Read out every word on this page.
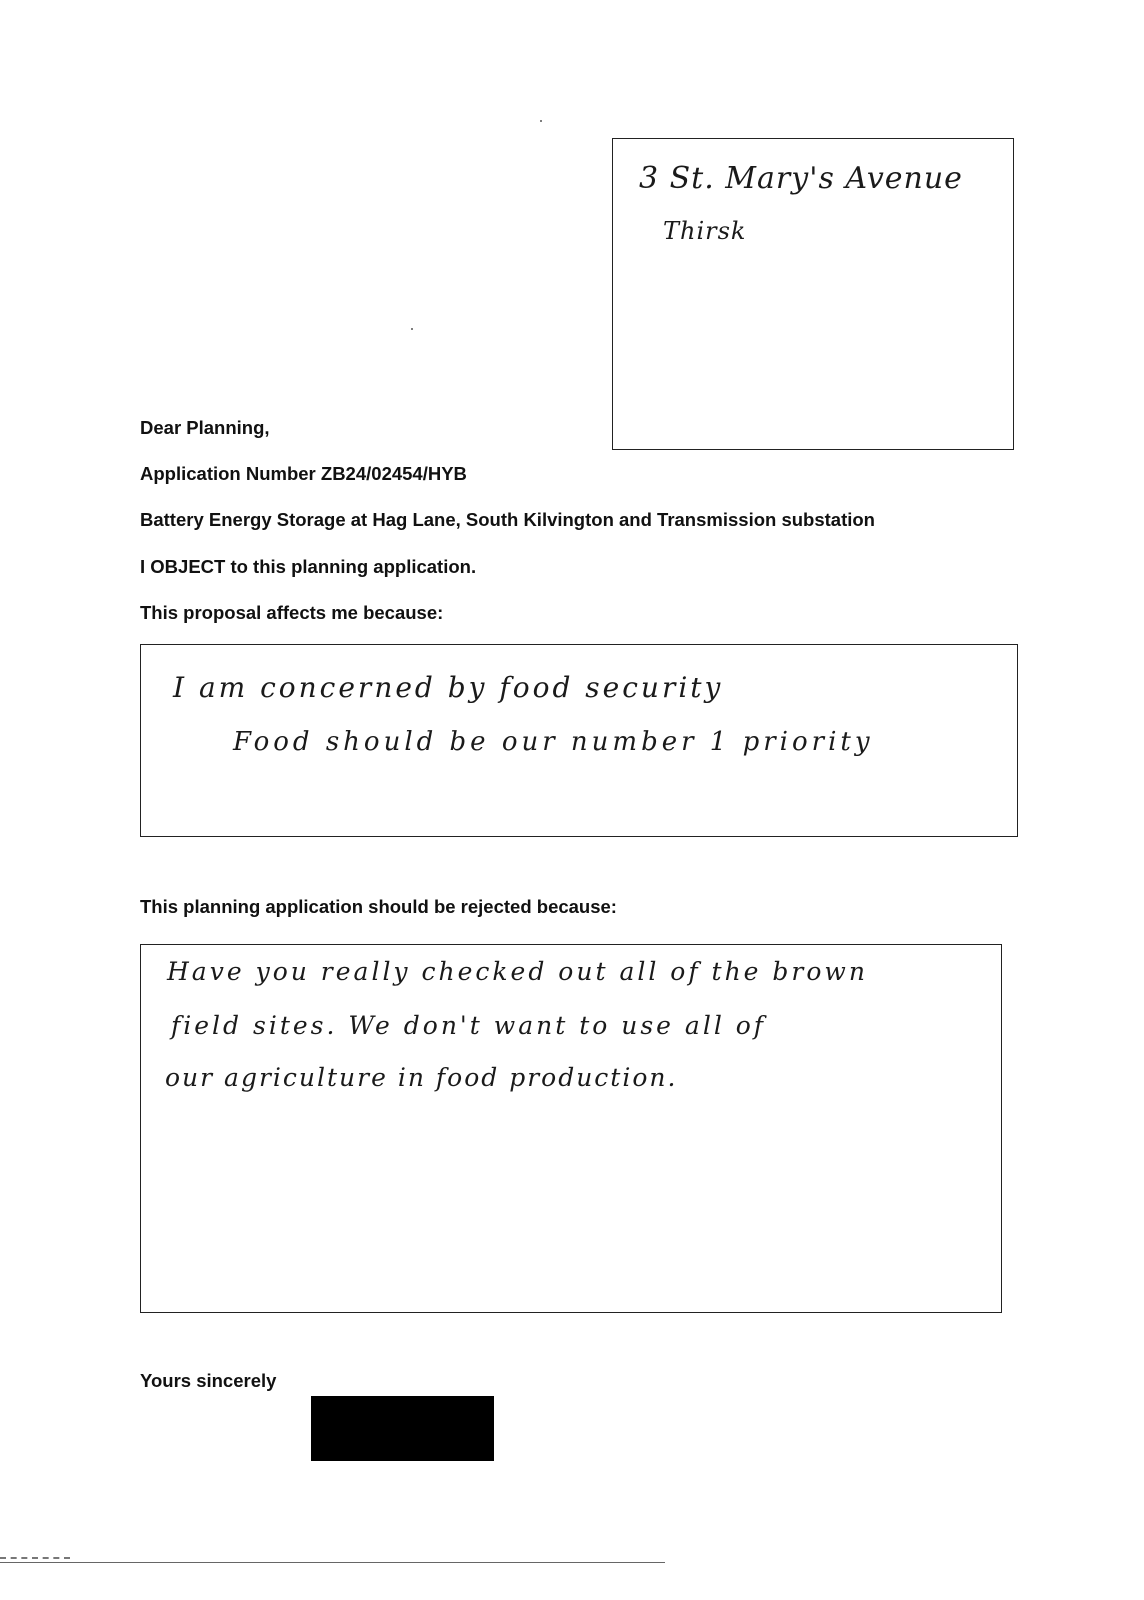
3 St. Mary's Avenue
Thirsk
Dear Planning,
Application Number ZB24/02454/HYB
Battery Energy Storage at Hag Lane, South Kilvington and Transmission substation
I OBJECT to this planning application.
This proposal affects me because:
I am concerned by food security
Food should be our number 1 priority
This planning application should be rejected because:
Have you really checked out all of the brown
field sites. We don't want to use all of
our agriculture in food production.
Yours sincerely
